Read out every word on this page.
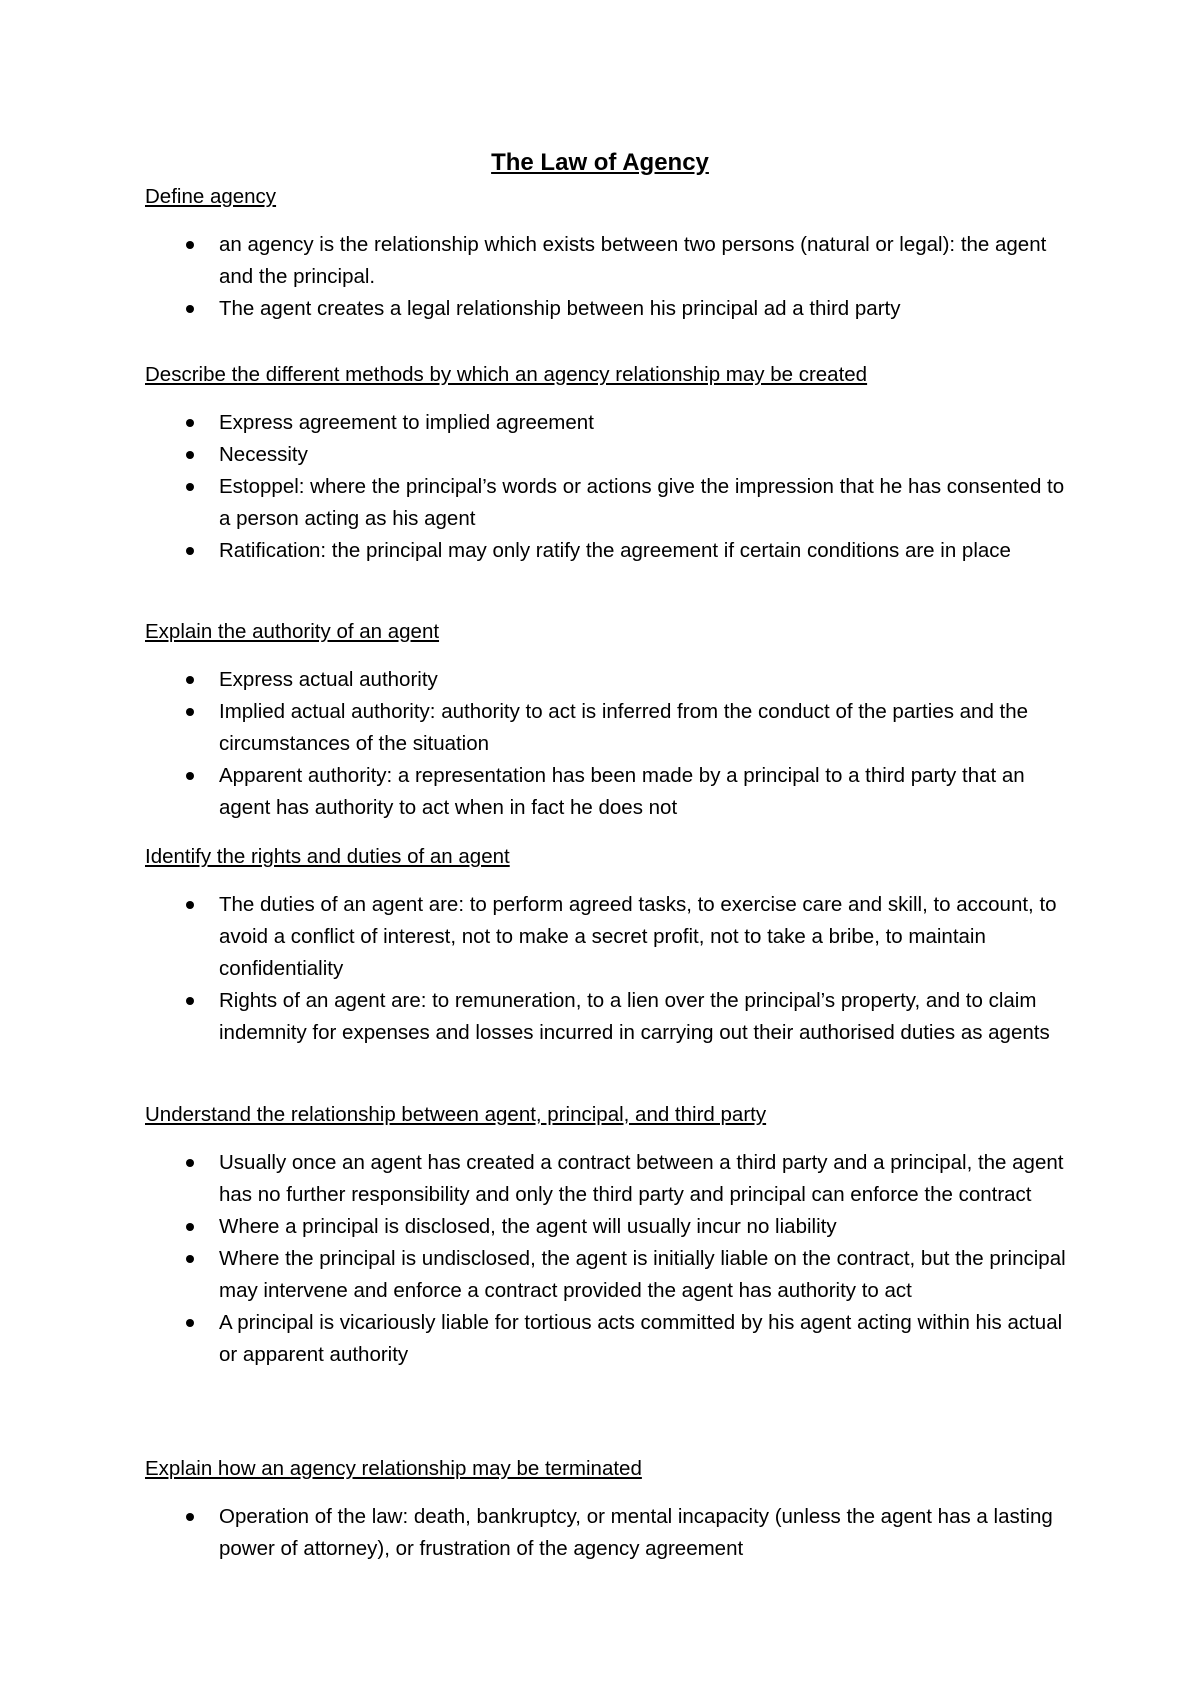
The Law of Agency
Define agency
an agency is the relationship which exists between two persons (natural or legal): the agent and the principal.
The agent creates a legal relationship between his principal ad a third party
Describe the different methods by which an agency relationship may be created
Express agreement to implied agreement
Necessity
Estoppel: where the principal’s words or actions give the impression that he has consented to a person acting as his agent
Ratification: the principal may only ratify the agreement if certain conditions are in place
Explain the authority of an agent
Express actual authority
Implied actual authority: authority to act is inferred from the conduct of the parties and the circumstances of the situation
Apparent authority: a representation has been made by a principal to a third party that an agent has authority to act when in fact he does not
Identify the rights and duties of an agent
The duties of an agent are: to perform agreed tasks, to exercise care and skill, to account, to avoid a conflict of interest, not to make a secret profit, not to take a bribe, to maintain confidentiality
Rights of an agent are: to remuneration, to a lien over the principal’s property, and to claim indemnity for expenses and losses incurred in carrying out their authorised duties as agents
Understand the relationship between agent, principal, and third party
Usually once an agent has created a contract between a third party and a principal, the agent has no further responsibility and only the third party and principal can enforce the contract
Where a principal is disclosed, the agent will usually incur no liability
Where the principal is undisclosed, the agent is initially liable on the contract, but the principal may intervene and enforce a contract provided the agent has authority to act
A principal is vicariously liable for tortious acts committed by his agent acting within his actual or apparent authority
Explain how an agency relationship may be terminated
Operation of the law: death, bankruptcy, or mental incapacity (unless the agent has a lasting power of attorney), or frustration of the agency agreement
